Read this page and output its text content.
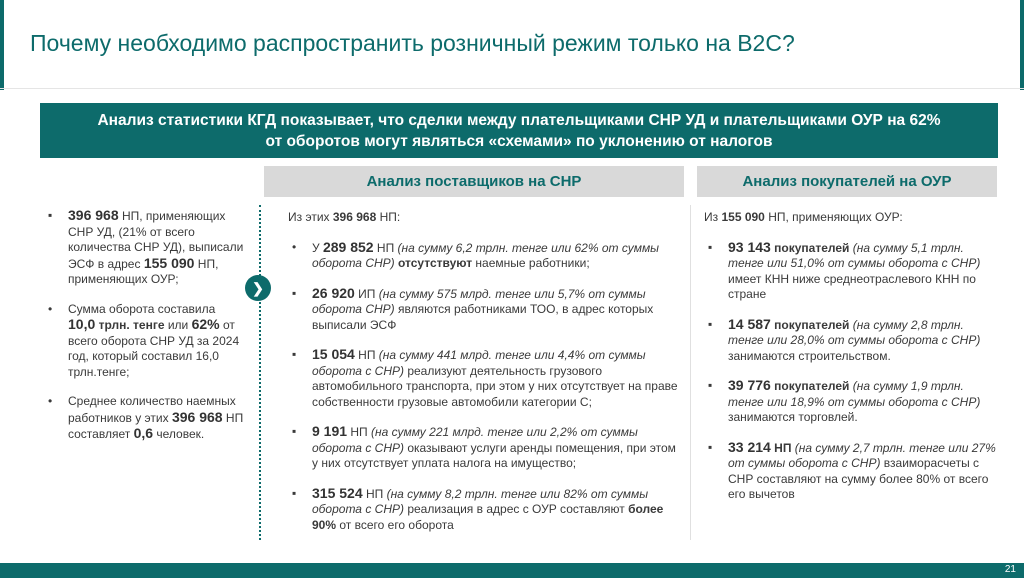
Почему необходимо распространить розничный режим только на B2C?
Анализ статистики КГД показывает, что сделки между плательщиками СНР УД и плательщиками ОУР на 62%
от оборотов могут являться «схемами» по уклонению от налогов
Анализ поставщиков на СНР	Анализ покупателей на ОУР
❯
▪
396 968 НП, применяющих СНР УД, (21% от всего количества СНР УД), выписали ЭСФ в адрес 155 090 НП, применяющих ОУР;
•
Сумма оборота составила 10,0 трлн. тенге или 62% от всего оборота СНР УД за 2024 год, который составил 16,0 трлн.тенге;
•
Среднее количество наемных работников у этих 396 968 НП составляет 0,6 человек.
Из этих 396 968 НП:
•
У 289 852 НП (на сумму 6,2 трлн. тенге или 62% от суммы оборота СНР) отсутствуют наемные работники;
▪
26 920 ИП (на сумму 575 млрд. тенге или 5,7% от суммы оборота СНР) являются работниками ТОО, в адрес которых выписали ЭСФ
▪
15 054 НП (на сумму 441 млрд. тенге или 4,4% от суммы оборота с СНР) реализуют деятельность грузового автомобильного транспорта, при этом у них отсутствует на праве собственности грузовые автомобили категории С;
▪
9 191 НП (на сумму 221 млрд. тенге или 2,2% от суммы оборота с СНР) оказывают услуги аренды помещения, при этом у них отсутствует уплата налога на имущество;
▪
315 524 НП (на сумму 8,2 трлн. тенге или 82% от суммы оборота с СНР) реализация в адрес с ОУР составляют более 90% от всего его оборота
Из 155 090 НП, применяющих ОУР:
▪
93 143 покупателей (на сумму 5,1 трлн. тенге или 51,0% от суммы оборота с СНР) имеет КНН ниже среднеотраслевого КНН по стране
▪
14 587 покупателей (на сумму 2,8 трлн. тенге или 28,0% от суммы оборота с СНР) занимаются строительством.
▪
39 776 покупателей (на сумму 1,9 трлн. тенге или 18,9% от суммы оборота с СНР) занимаются торговлей.
▪
33 214 НП (на сумму 2,7 трлн. тенге или 27% от суммы оборота с СНР) взаиморасчеты с СНР составляют на сумму более 80% от всего его вычетов
21
